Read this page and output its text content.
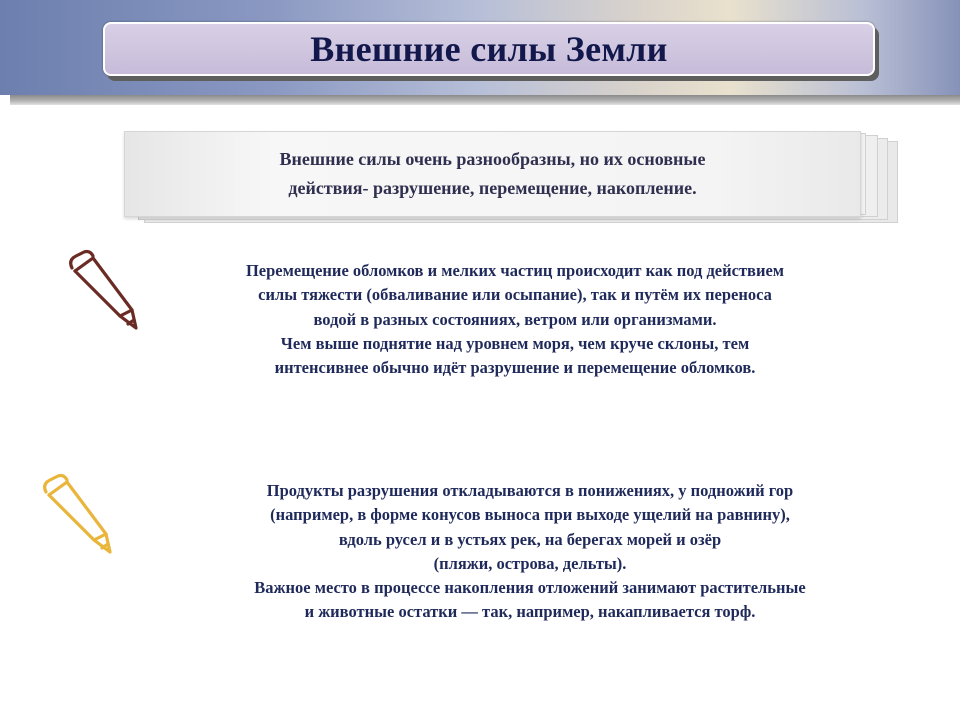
Внешние силы Земли
Внешние силы очень разнообразны, но их основные
действия- разрушение, перемещение, накопление.
Перемещение обломков и мелких частиц происходит как под действием
силы тяжести (обваливание или осыпание), так и путём их переноса
водой в разных состояниях, ветром или организмами.
Чем выше поднятие над уровнем моря, чем круче склоны, тем
интенсивнее обычно идёт разрушение и перемещение обломков.
Продукты разрушения откладываются в понижениях, у подножий гор
(например, в форме конусов выноса при выходе ущелий на равнину),
вдоль русел и в устьях рек, на берегах морей и озёр
(пляжи, острова, дельты).
Важное место в процессе накопления отложений занимают растительные
и животные остатки — так, например, накапливается торф.
